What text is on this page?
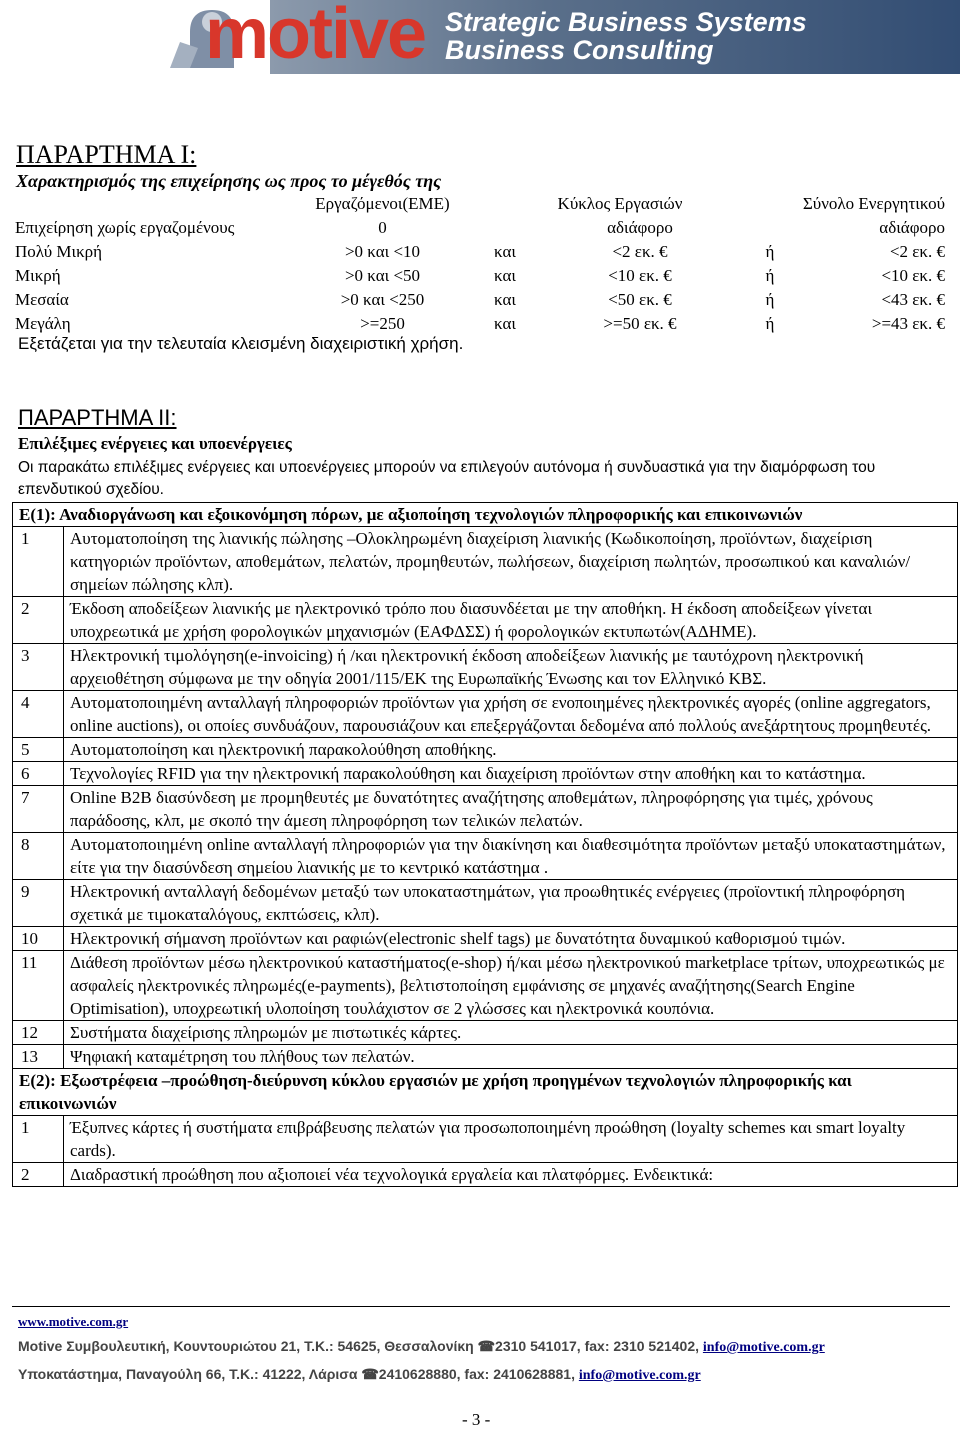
motive Strategic Business Systems
Business Consulting
ΠΑΡΑΡΤΗΜΑ Ι:
Χαρακτηρισμός της επιχείρησης ως προς το μέγεθός της
	Εργαζόμενοι(ΕΜΕ)	Κύκλος Εργασιών		Σύνολο Ενεργητικού	
Επιχείρηση χωρίς εργαζομένους	0		αδιάφορο		αδιάφορο
Πολύ Μικρή	>0 και <10	και	<2 εκ. €	ή	<2 εκ. €
Μικρή	>0 και <50	και	<10 εκ. €	ή	<10 εκ. €
Μεσαία	>0 και <250	και	<50 εκ. €	ή	<43 εκ. €
Μεγάλη	>=250	και	>=50 εκ. €	ή	>=43 εκ. €
Εξετάζεται για την τελευταία κλεισμένη διαχειριστική χρήση.
ΠΑΡΑΡΤΗΜΑ ΙΙ:
Επιλέξιμες ενέργειες και υποενέργειες
Οι παρακάτω επιλέξιμες ενέργειες και υποενέργειες μπορούν να επιλεγούν αυτόνομα ή συνδυαστικά για την διαμόρφωση του επενδυτικού σχεδίου.
Ε(1): Αναδιοργάνωση και εξοικονόμηση πόρων, με αξιοποίηση τεχνολογιών πληροφορικής και επικοινωνιών	
1	Αυτοματοποίηση της λιανικής πώλησης –Ολοκληρωμένη διαχείριση λιανικής (Κωδικοποίηση, προϊόντων, διαχείριση κατηγοριών προϊόντων, αποθεμάτων, πελατών, προμηθευτών, πωλήσεων, διαχείριση πωλητών, προσωπικού και καναλιών/σημείων πώλησης κλπ).
2	Έκδοση αποδείξεων λιανικής με ηλεκτρονικό τρόπο που διασυνδέεται με την αποθήκη. Η έκδοση αποδείξεων γίνεται υποχρεωτικά με χρήση φορολογικών μηχανισμών (ΕΑΦΔΣΣ) ή φορολογικών εκτυπωτών(ΑΔΗΜΕ).
3	Ηλεκτρονική τιμολόγηση(e-invoicing) ή /και ηλεκτρονική έκδοση αποδείξεων λιανικής με ταυτόχρονη ηλεκτρονική αρχειοθέτηση σύμφωνα με την οδηγία 2001/115/ΕΚ της Ευρωπαϊκής Ένωσης και τον Ελληνικό ΚΒΣ.
4	Αυτοματοποιημένη ανταλλαγή πληροφοριών προϊόντων για χρήση σε ενοποιημένες ηλεκτρονικές αγορές (online aggregators, online auctions), οι οποίες συνδυάζουν, παρουσιάζουν και επεξεργάζονται δεδομένα από πολλούς ανεξάρτητους προμηθευτές.
5	Αυτοματοποίηση και ηλεκτρονική παρακολούθηση αποθήκης.
6	Τεχνολογίες RFID για την ηλεκτρονική παρακολούθηση και διαχείριση προϊόντων στην αποθήκη και το κατάστημα.
7	Online B2B διασύνδεση με προμηθευτές με δυνατότητες αναζήτησης αποθεμάτων, πληροφόρησης για τιμές, χρόνους παράδοσης, κλπ, με σκοπό την άμεση πληροφόρηση των τελικών πελατών.
8	Αυτοματοποιημένη online ανταλλαγή πληροφοριών για την διακίνηση και διαθεσιμότητα προϊόντων μεταξύ υποκαταστημάτων, είτε για την διασύνδεση σημείου λιανικής με το κεντρικό κατάστημα .
9	Ηλεκτρονική ανταλλαγή δεδομένων μεταξύ των υποκαταστημάτων, για προωθητικές ενέργειες (προϊοντική πληροφόρηση σχετικά με τιμοκαταλόγους, εκπτώσεις, κλπ).
10	Ηλεκτρονική σήμανση προϊόντων και ραφιών(electronic shelf tags) με δυνατότητα δυναμικού καθορισμού τιμών.
11	Διάθεση προϊόντων μέσω ηλεκτρονικού καταστήματος(e-shop) ή/και μέσω ηλεκτρονικού marketplace τρίτων, υποχρεωτικώς με ασφαλείς ηλεκτρονικές πληρωμές(e-payments), βελτιστοποίηση εμφάνισης σε μηχανές αναζήτησης(Search Engine Optimisation), υποχρεωτική υλοποίηση τουλάχιστον σε 2 γλώσσες και ηλεκτρονικά κουπόνια.
12	Συστήματα διαχείρισης πληρωμών με πιστωτικές κάρτες.
13	Ψηφιακή καταμέτρηση του πλήθους των πελατών.
Ε(2): Εξωστρέφεια –προώθηση-διεύρυνση κύκλου εργασιών με χρήση προηγμένων τεχνολογιών πληροφορικής και επικοινωνιών	
1	Έξυπνες κάρτες ή συστήματα επιβράβευσης πελατών για προσωποποιημένη προώθηση (loyalty schemes και smart loyalty cards).
2	Διαδραστική προώθηση που αξιοποιεί νέα τεχνολογικά εργαλεία και πλατφόρμες. Ενδεικτικά:
www.motive.com.gr
Motive Συμβουλευτική, Κουντουριώτου 21, Τ.Κ.: 54625, Θεσσαλονίκη ☎2310 541017, fax: 2310 521402, info@motive.com.gr
Υποκατάστημα, Παναγούλη 66, Τ.Κ.: 41222, Λάρισα ☎2410628880, fax: 2410628881, info@motive.com.gr
- 3 -
